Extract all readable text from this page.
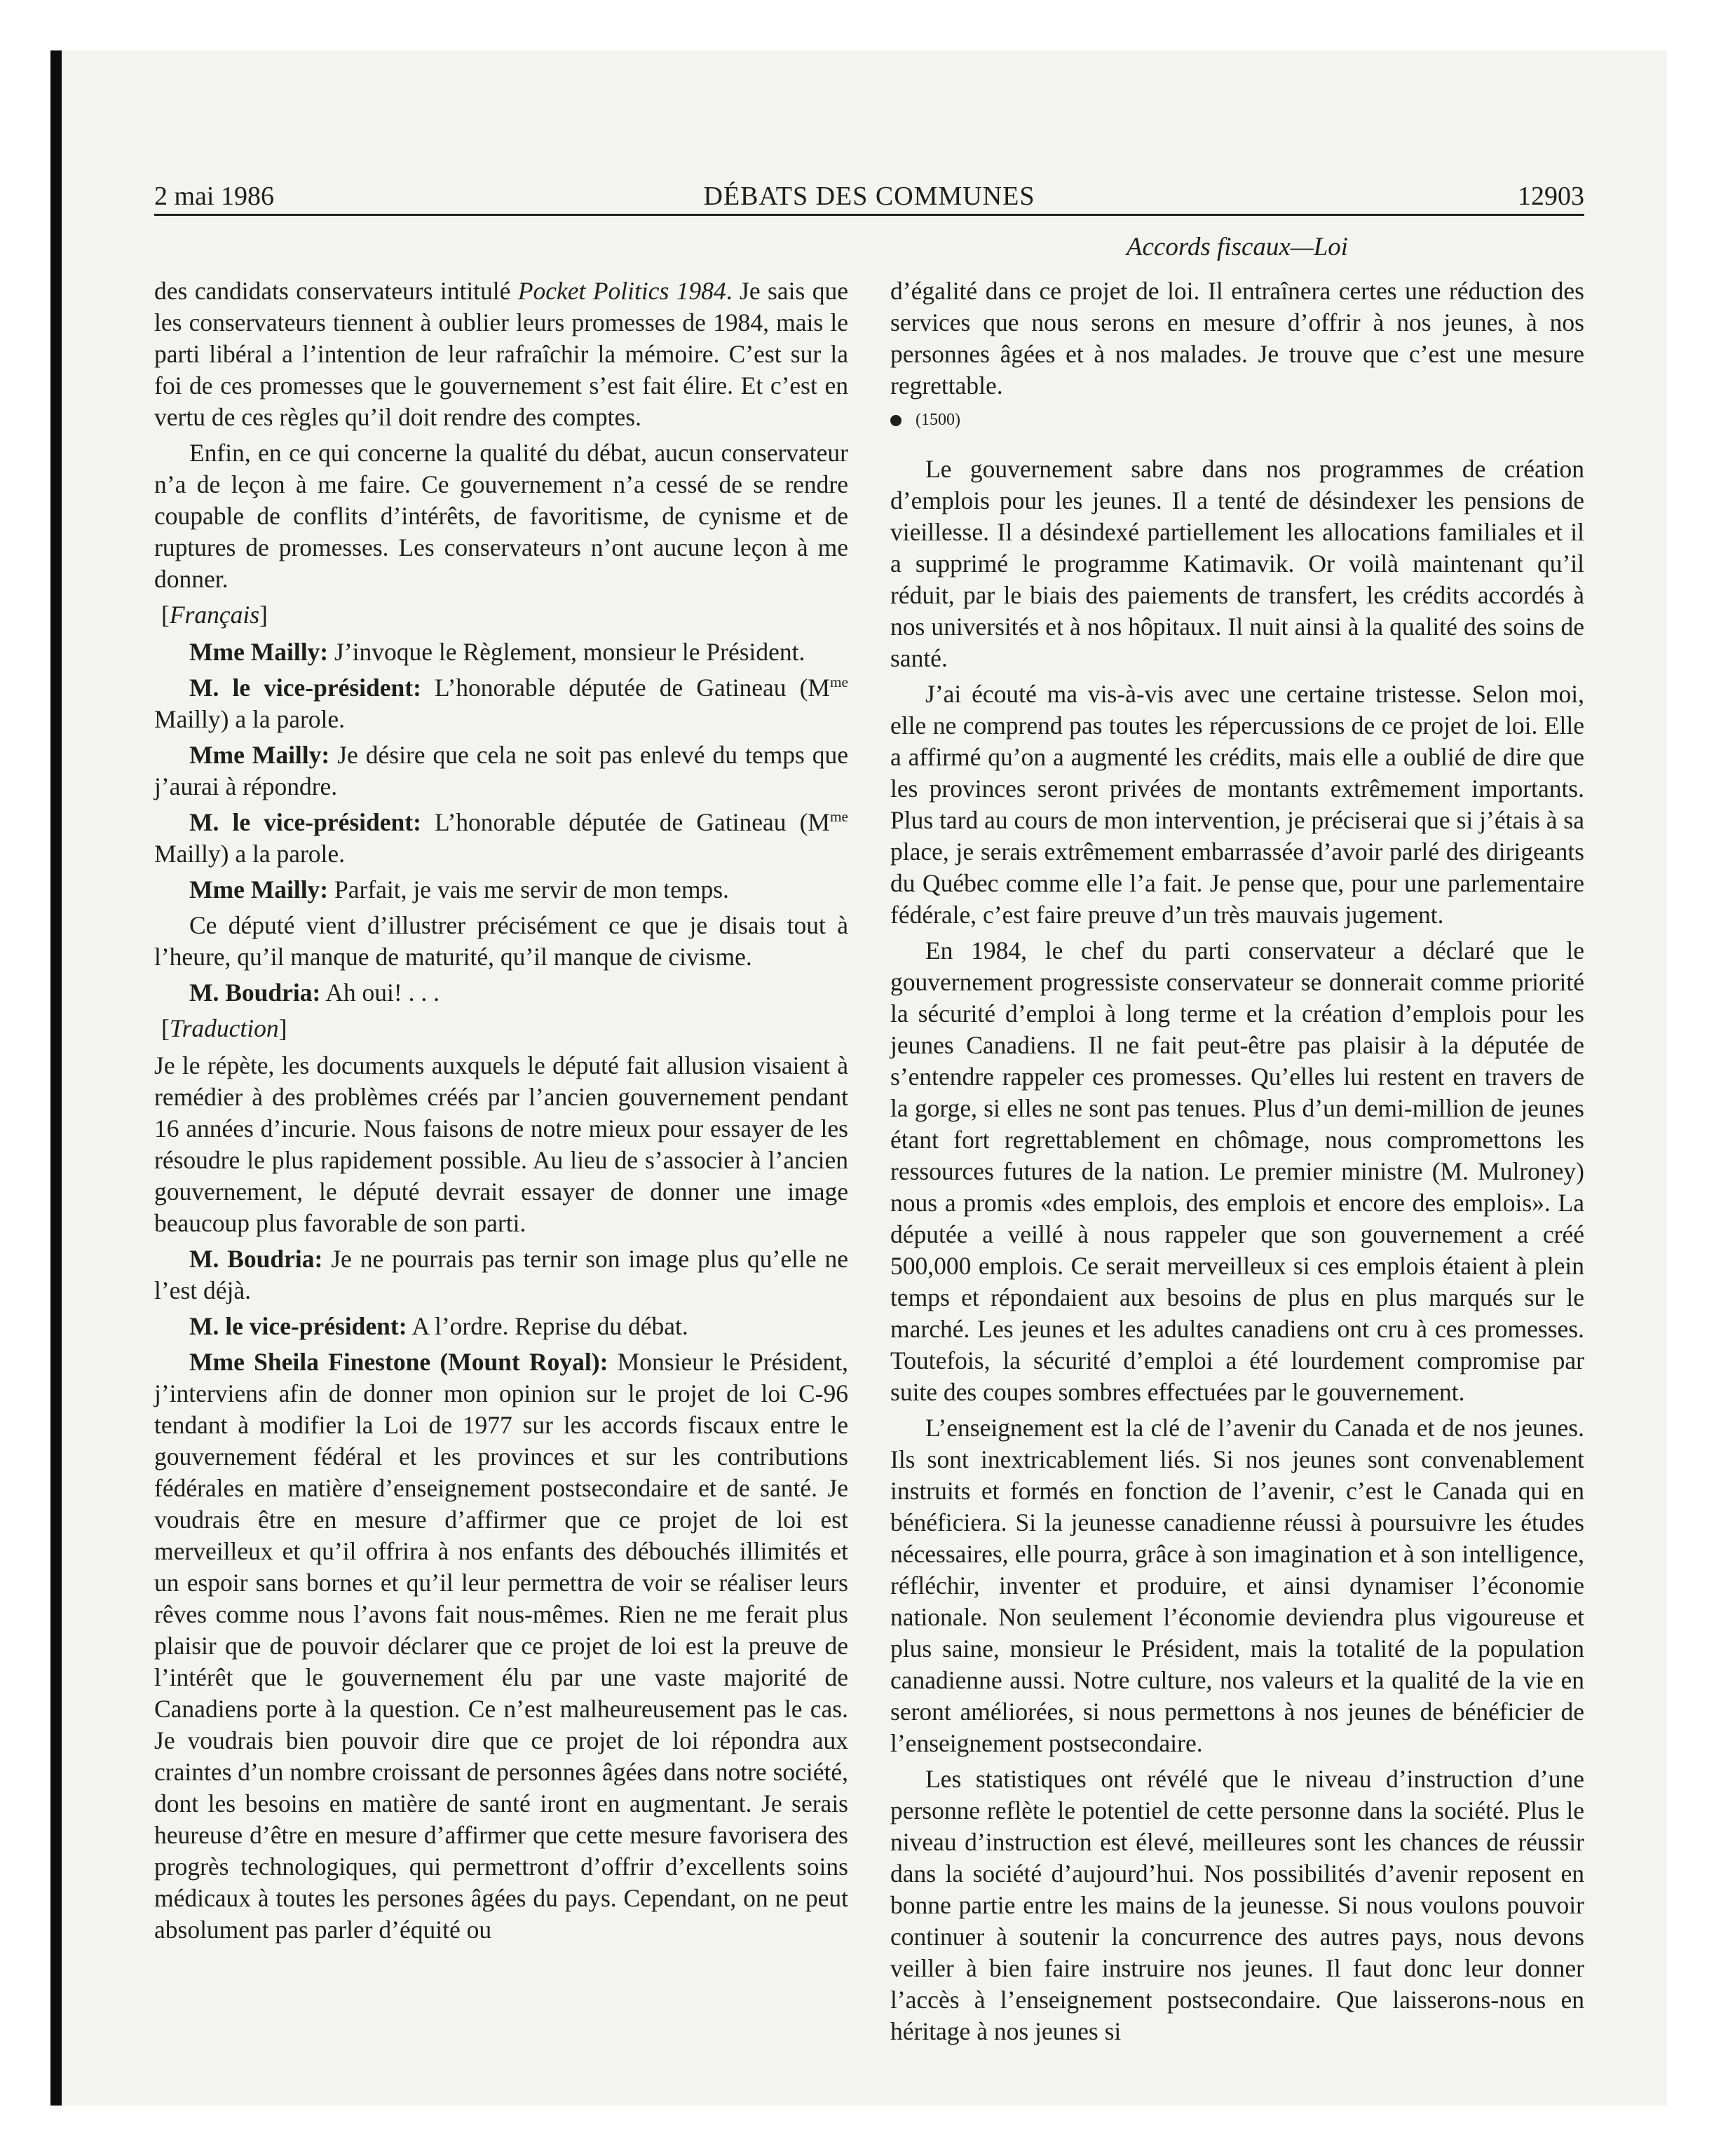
2 mai 1986	DÉBATS DES COMMUNES	12903
Accords fiscaux—Loi

des candidats conservateurs intitulé Pocket Politics 1984. Je sais que les conservateurs tiennent à oublier leurs promesses de 1984, mais le parti libéral a l’intention de leur rafraîchir la mémoire. C’est sur la foi de ces promesses que le gouvernement s’est fait élire. Et c’est en vertu de ces règles qu’il doit rendre des comptes.

Enfin, en ce qui concerne la qualité du débat, aucun conservateur n’a de leçon à me faire. Ce gouvernement n’a cessé de se rendre coupable de conflits d’intérêts, de favoritisme, de cynisme et de ruptures de promesses. Les conservateurs n’ont aucune leçon à me donner.

[Français]

Mme Mailly: J’invoque le Règlement, monsieur le Président.

M. le vice-président: L’honorable députée de Gatineau ($M^{me}$ Mailly) a la parole.

Mme Mailly: Je désire que cela ne soit pas enlevé du temps que j’aurai à répondre.

M. le vice-président: L’honorable députée de Gatineau ($M^{me}$ Mailly) a la parole.

Mme Mailly: Parfait, je vais me servir de mon temps.

Ce député vient d’illustrer précisément ce que je disais tout à l’heure, qu’il manque de maturité, qu’il manque de civisme.

M. Boudria: Ah oui! . . .

[Traduction]

Je le répète, les documents auxquels le député fait allusion visaient à remédier à des problèmes créés par l’ancien gouvernement pendant 16 années d’incurie. Nous faisons de notre mieux pour essayer de les résoudre le plus rapidement possible. Au lieu de s’associer à l’ancien gouvernement, le député devrait essayer de donner une image beaucoup plus favorable de son parti.

M. Boudria: Je ne pourrais pas ternir son image plus qu’elle ne l’est déjà.

M. le vice-président: A l’ordre. Reprise du débat.

Mme Sheila Finestone (Mount Royal): Monsieur le Président, j’interviens afin de donner mon opinion sur le projet de loi C-96 tendant à modifier la Loi de 1977 sur les accords fiscaux entre le gouvernement fédéral et les provinces et sur les contributions fédérales en matière d’enseignement postsecondaire et de santé. Je voudrais être en mesure d’affirmer que ce projet de loi est merveilleux et qu’il offrira à nos enfants des débouchés illimités et un espoir sans bornes et qu’il leur permettra de voir se réaliser leurs rêves comme nous l’avons fait nous-mêmes. Rien ne me ferait plus plaisir que de pouvoir déclarer que ce projet de loi est la preuve de l’intérêt que le gouvernement élu par une vaste majorité de Canadiens porte à la question. Ce n’est malheureusement pas le cas. Je voudrais bien pouvoir dire que ce projet de loi répondra aux craintes d’un nombre croissant de personnes âgées dans notre société, dont les besoins en matière de santé iront en augmentant. Je serais heureuse d’être en mesure d’affirmer que cette mesure favorisera des progrès technologiques, qui permettront d’offrir d’excellents soins médicaux à toutes les persones âgées du pays. Cependant, on ne peut absolument pas parler d’équité ou

d’égalité dans ce projet de loi. Il entraînera certes une réduction des services que nous serons en mesure d’offrir à nos jeunes, à nos personnes âgées et à nos malades. Je trouve que c’est une mesure regrettable.

(1500)

Le gouvernement sabre dans nos programmes de création d’emplois pour les jeunes. Il a tenté de désindexer les pensions de vieillesse. Il a désindexé partiellement les allocations familiales et il a supprimé le programme Katimavik. Or voilà maintenant qu’il réduit, par le biais des paiements de transfert, les crédits accordés à nos universités et à nos hôpitaux. Il nuit ainsi à la qualité des soins de santé.

J’ai écouté ma vis-à-vis avec une certaine tristesse. Selon moi, elle ne comprend pas toutes les répercussions de ce projet de loi. Elle a affirmé qu’on a augmenté les crédits, mais elle a oublié de dire que les provinces seront privées de montants extrêmement importants. Plus tard au cours de mon intervention, je préciserai que si j’étais à sa place, je serais extrêmement embarrassée d’avoir parlé des dirigeants du Québec comme elle l’a fait. Je pense que, pour une parlementaire fédérale, c’est faire preuve d’un très mauvais jugement.

En 1984, le chef du parti conservateur a déclaré que le gouvernement progressiste conservateur se donnerait comme priorité la sécurité d’emploi à long terme et la création d’emplois pour les jeunes Canadiens. Il ne fait peut-être pas plaisir à la députée de s’entendre rappeler ces promesses. Qu’elles lui restent en travers de la gorge, si elles ne sont pas tenues. Plus d’un demi-million de jeunes étant fort regrettablement en chômage, nous compromettons les ressources futures de la nation. Le premier ministre (M. Mulroney) nous a promis «des emplois, des emplois et encore des emplois». La députée a veillé à nous rappeler que son gouvernement a créé 500,000 emplois. Ce serait merveilleux si ces emplois étaient à plein temps et répondaient aux besoins de plus en plus marqués sur le marché. Les jeunes et les adultes canadiens ont cru à ces promesses. Toutefois, la sécurité d’emploi a été lourdement compromise par suite des coupes sombres effectuées par le gouvernement.

L’enseignement est la clé de l’avenir du Canada et de nos jeunes. Ils sont inextricablement liés. Si nos jeunes sont convenablement instruits et formés en fonction de l’avenir, c’est le Canada qui en bénéficiera. Si la jeunesse canadienne réussi à poursuivre les études nécessaires, elle pourra, grâce à son imagination et à son intelligence, réfléchir, inventer et produire, et ainsi dynamiser l’économie nationale. Non seulement l’économie deviendra plus vigoureuse et plus saine, monsieur le Président, mais la totalité de la population canadienne aussi. Notre culture, nos valeurs et la qualité de la vie en seront améliorées, si nous permettons à nos jeunes de bénéficier de l’enseignement postsecondaire.

Les statistiques ont révélé que le niveau d’instruction d’une personne reflète le potentiel de cette personne dans la société. Plus le niveau d’instruction est élevé, meilleures sont les chances de réussir dans la société d’aujourd’hui. Nos possibilités d’avenir reposent en bonne partie entre les mains de la jeunesse. Si nous voulons pouvoir continuer à soutenir la concurrence des autres pays, nous devons veiller à bien faire instruire nos jeunes. Il faut donc leur donner l’accès à l’enseignement postsecondaire. Que laisserons-nous en héritage à nos jeunes si
